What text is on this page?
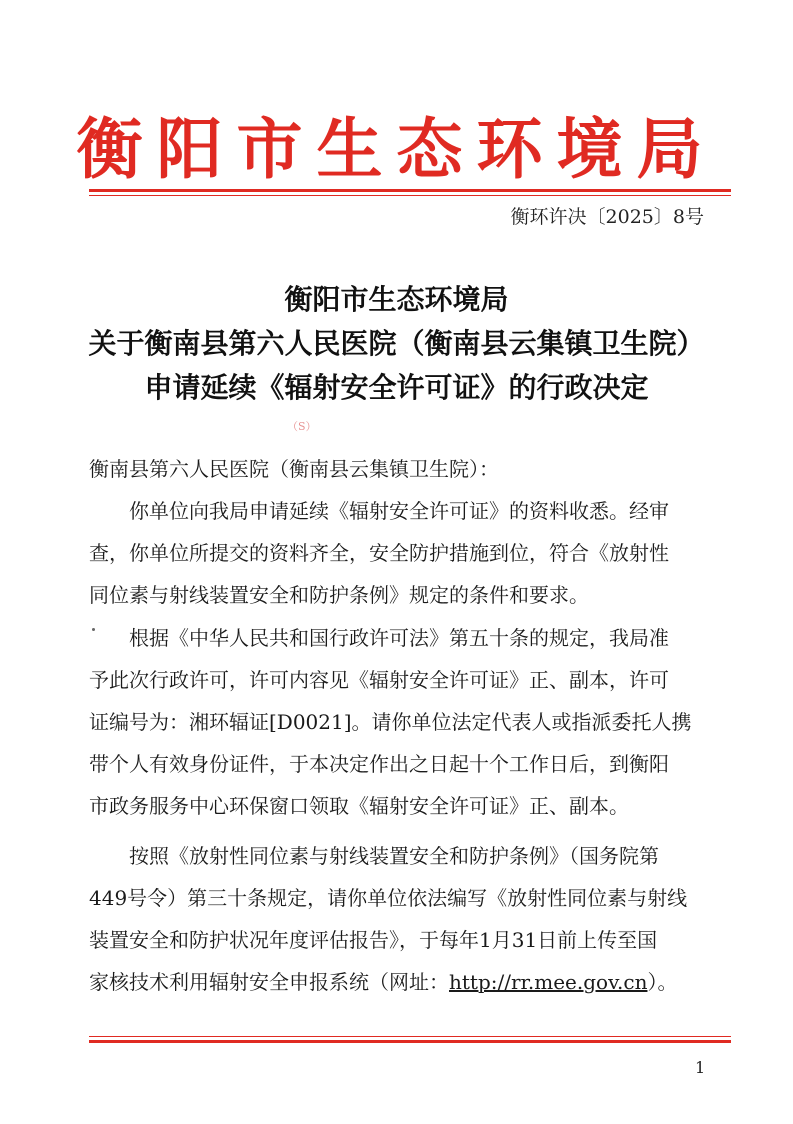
衡阳市生态环境局
衡环许决〔2025〕8号
衡阳市生态环境局
关于衡南县第六人民医院（衡南县云集镇卫生院）
申请延续《辐射安全许可证》的行政决定
（S）
衡南县第六人民医院（衡南县云集镇卫生院）：
你单位向我局申请延续《辐射安全许可证》的资料收悉。经审
查，你单位所提交的资料齐全，安全防护措施到位，符合《放射性
同位素与射线装置安全和防护条例》规定的条件和要求。
根据《中华人民共和国行政许可法》第五十条的规定，我局准
予此次行政许可，许可内容见《辐射安全许可证》正、副本，许可
证编号为：湘环辐证[D0021]。请你单位法定代表人或指派委托人携
带个人有效身份证件，于本决定作出之日起十个工作日后，到衡阳
市政务服务中心环保窗口领取《辐射安全许可证》正、副本。
按照《放射性同位素与射线装置安全和防护条例》（国务院第
449号令）第三十条规定，请你单位依法编写《放射性同位素与射线
装置安全和防护状况年度评估报告》，于每年1月31日前上传至国
家核技术利用辐射安全申报系统（网址：http://rr.mee.gov.cn）。
1
